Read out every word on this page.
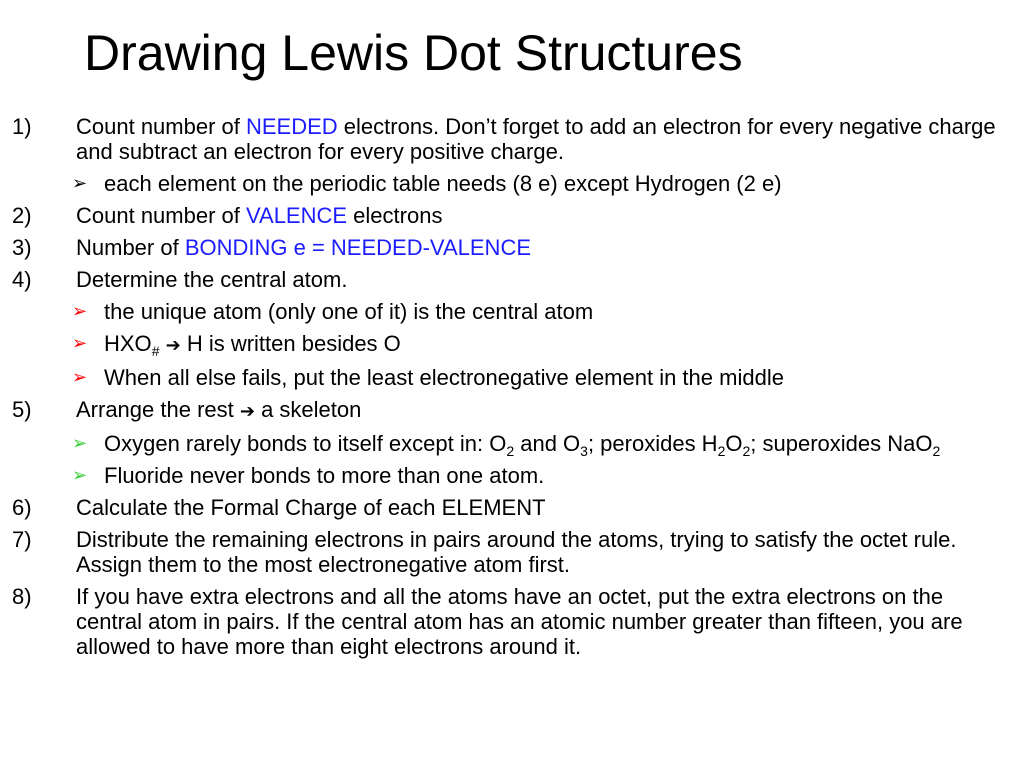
Drawing Lewis Dot Structures
1) Count number of NEEDED electrons. Don’t forget to add an electron for every negative charge and subtract an electron for every positive charge.
➢ each element on the periodic table needs (8 e) except Hydrogen (2 e)
2) Count number of VALENCE electrons
3) Number of BONDING e = NEEDED-VALENCE
4) Determine the central atom.
➢ the unique atom (only one of it) is the central atom
➢ $HXO_{\#}$ ➔ H is written besides O
➢ When all else fails, put the least electronegative element in the middle
5) Arrange the rest ➔ a skeleton
➢ Oxygen rarely bonds to itself except in: $O_2$ and $O_3$; peroxides $H_2O_2$; superoxides NaO$_2$
➢ Fluoride never bonds to more than one atom.
6) Calculate the Formal Charge of each ELEMENT
7) Distribute the remaining electrons in pairs around the atoms, trying to satisfy the octet rule. Assign them to the most electronegative atom first.
8) If you have extra electrons and all the atoms have an octet, put the extra electrons on the central atom in pairs. If the central atom has an atomic number greater than fifteen, you are allowed to have more than eight electrons around it.
